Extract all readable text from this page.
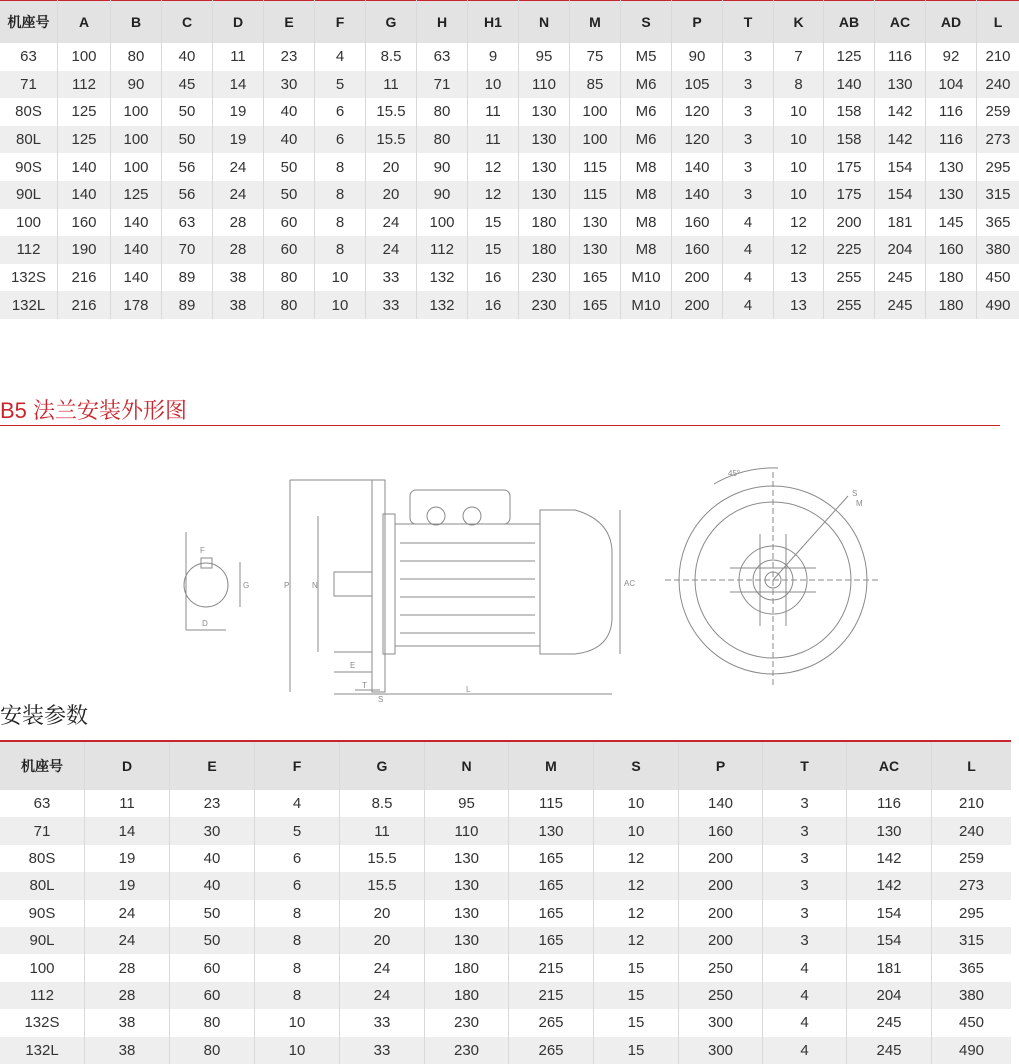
机座号	A	B	C	D	E	F	G	H	H1	N	M	S	P	T	K	AB	AC	AD	L
63	100	80	40	11	23	4	8.5	63	9	95	75	M5	90	3	7	125	116	92	210
71	112	90	45	14	30	5	11	71	10	110	85	M6	105	3	8	140	130	104	240
80S	125	100	50	19	40	6	15.5	80	11	130	100	M6	120	3	10	158	142	116	259
80L	125	100	50	19	40	6	15.5	80	11	130	100	M6	120	3	10	158	142	116	273
90S	140	100	56	24	50	8	20	90	12	130	115	M8	140	3	10	175	154	130	295
90L	140	125	56	24	50	8	20	90	12	130	115	M8	140	3	10	175	154	130	315
100	160	140	63	28	60	8	24	100	15	180	130	M8	160	4	12	200	181	145	365
112	190	140	70	28	60	8	24	112	15	180	130	M8	160	4	12	225	204	160	380
132S	216	140	89	38	80	10	33	132	16	230	165	M10	200	4	13	255	245	180	450
132L	216	178	89	38	80	10	33	132	16	230	165	M10	200	4	13	255	245	180	490
B5 法兰安装外形图
F
G
D
P	N
E
T
AC
L
S
45°
S
M
安装参数
机座号	D	E	F	G	N	M	S	P	T	AC	L
63	11	23	4	8.5	95	115	10	140	3	116	210
71	14	30	5	11	110	130	10	160	3	130	240
80S	19	40	6	15.5	130	165	12	200	3	142	259
80L	19	40	6	15.5	130	165	12	200	3	142	273
90S	24	50	8	20	130	165	12	200	3	154	295
90L	24	50	8	20	130	165	12	200	3	154	315
100	28	60	8	24	180	215	15	250	4	181	365
112	28	60	8	24	180	215	15	250	4	204	380
132S	38	80	10	33	230	265	15	300	4	245	450
132L	38	80	10	33	230	265	15	300	4	245	490
